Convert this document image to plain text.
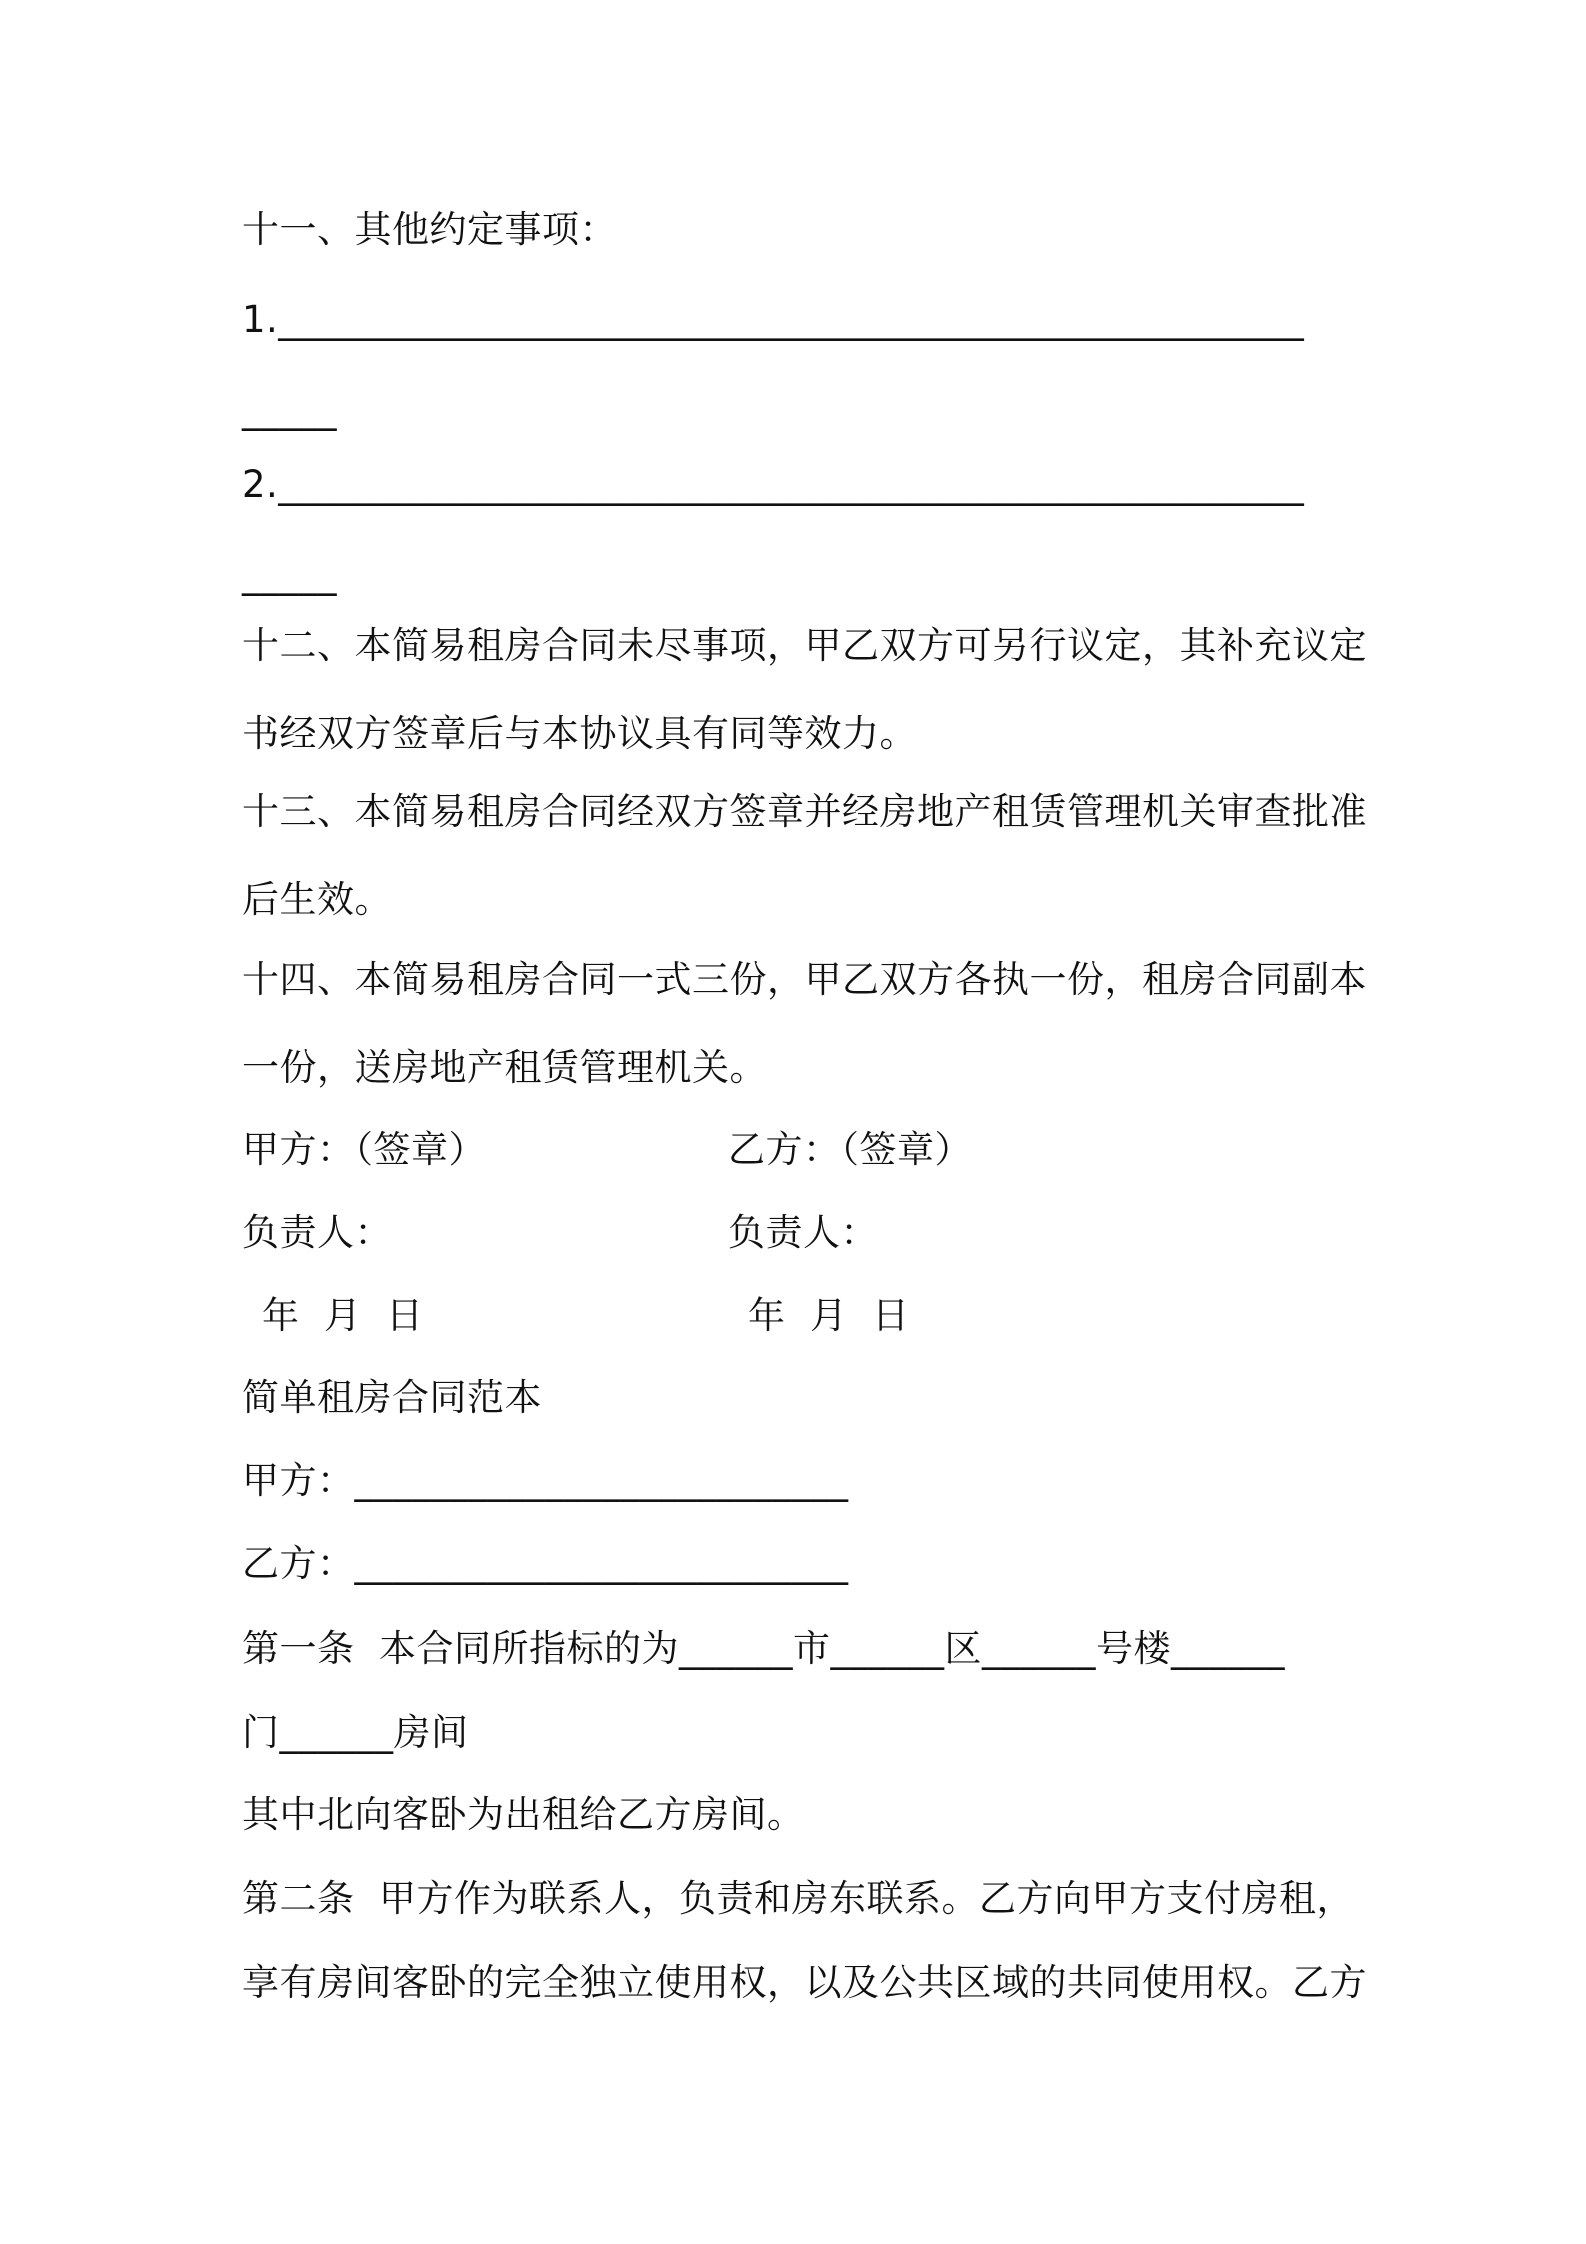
十一、其他约定事项：
1.______________________________________________________
_____
2.______________________________________________________
_____
十二、本简易租房合同未尽事项，甲乙双方可另行议定，其补充议定
书经双方签章后与本协议具有同等效力。
十三、本简易租房合同经双方签章并经房地产租赁管理机关审查批准
后生效。
十四、本简易租房合同一式三份，甲乙双方各执一份，租房合同副本
一份，送房地产租赁管理机关。
甲方：（签章）	乙方：（签章）
负责人：	负责人：
年  月  日	年  月  日
简单租房合同范本
甲方：__________________________
乙方：__________________________
第一条  本合同所指标的为______市______区______号楼______
门______房间
其中北向客卧为出租给乙方房间。
第二条  甲方作为联系人，负责和房东联系。乙方向甲方支付房租，
享有房间客卧的完全独立使用权，以及公共区域的共同使用权。乙方
